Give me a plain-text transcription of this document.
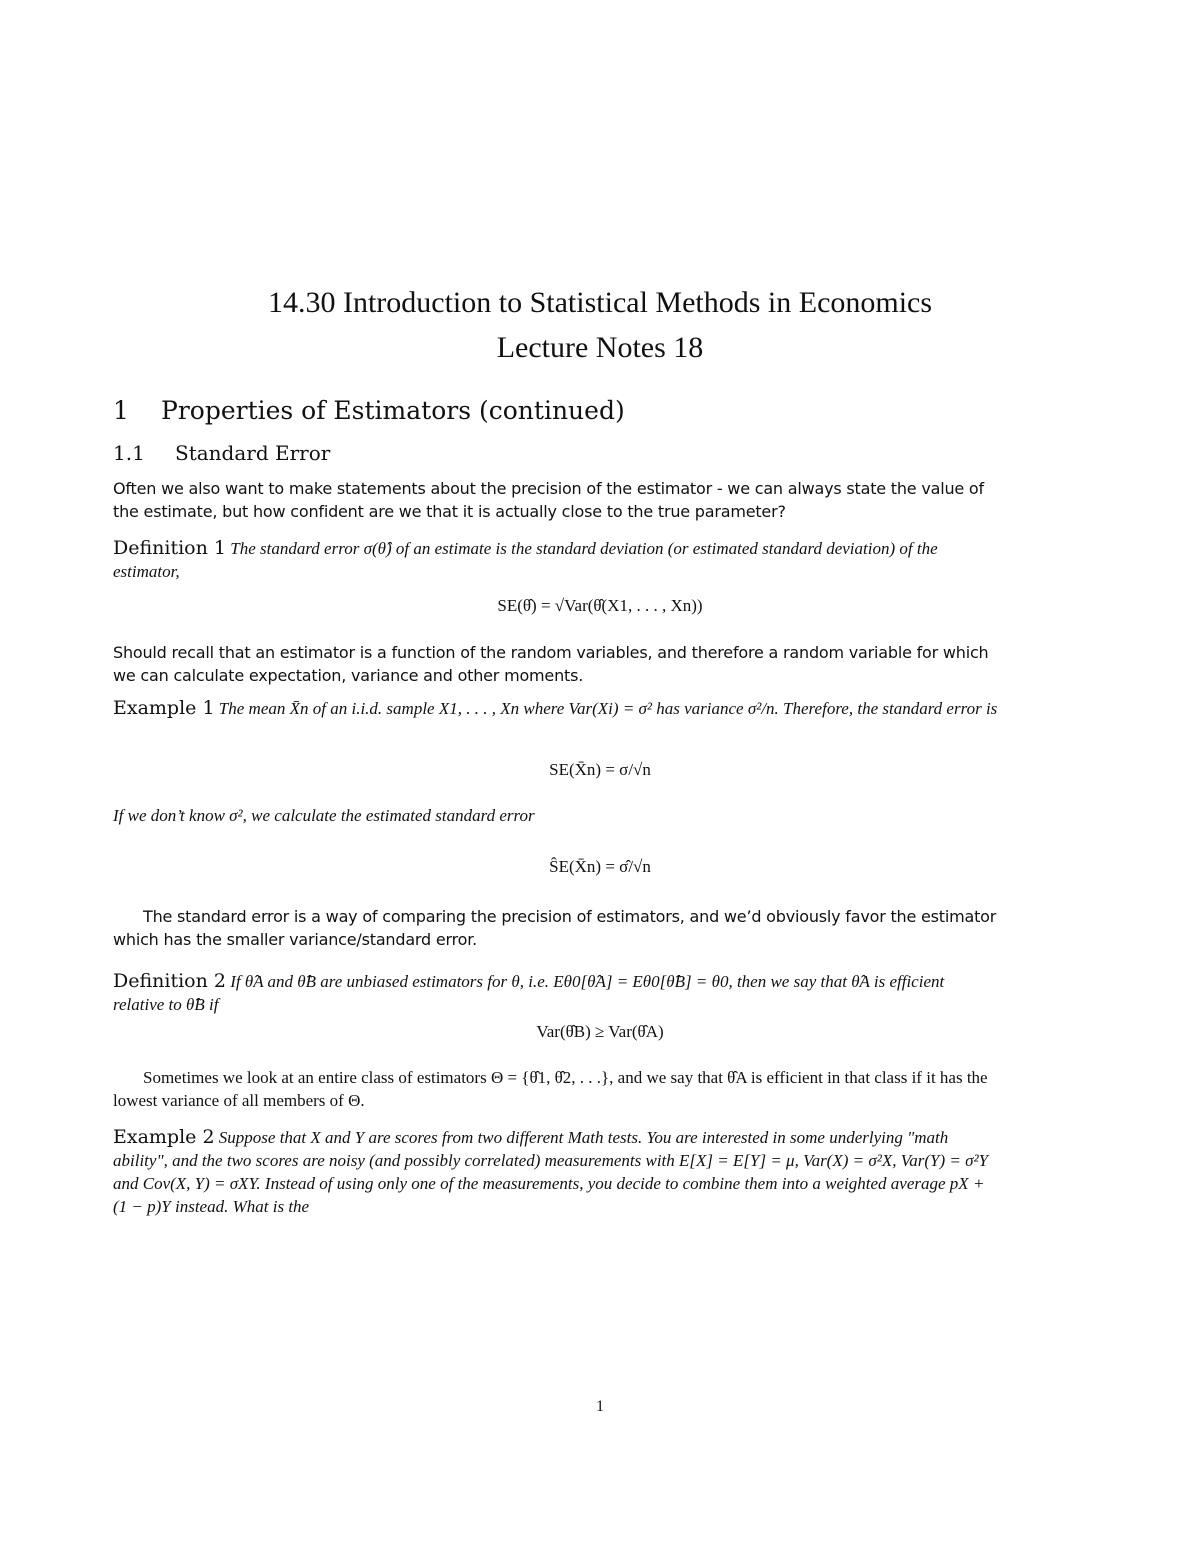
14.30 Introduction to Statistical Methods in Economics
Lecture Notes 18
1 Properties of Estimators (continued)
1.1 Standard Error
Often we also want to make statements about the precision of the estimator - we can always state the value of the estimate, but how confident are we that it is actually close to the true parameter?
Definition 1 The standard error σ(θ̂) of an estimate is the standard deviation (or estimated standard deviation) of the estimator,
SE(θ̂) = √Var(θ̂(X1, . . . , Xn))
Should recall that an estimator is a function of the random variables, and therefore a random variable for which we can calculate expectation, variance and other moments.
Example 1 The mean X̄n of an i.i.d. sample X1, . . . , Xn where Var(Xi) = σ² has variance σ²/n. Therefore, the standard error is
SE(X̄n) = σ/√n
If we don’t know σ², we calculate the estimated standard error
ŜE(X̄n) = σ̂/√n
The standard error is a way of comparing the precision of estimators, and we’d obviously favor the estimator which has the smaller variance/standard error.
Definition 2 If θ̂A and θ̂B are unbiased estimators for θ, i.e. Eθ0[θ̂A] = Eθ0[θ̂B] = θ0, then we say that θ̂A is efficient relative to θ̂B if
Var(θ̂B) ≥ Var(θ̂A)
Sometimes we look at an entire class of estimators Θ = {θ̂1, θ̂2, . . .}, and we say that θ̂A is efficient in that class if it has the lowest variance of all members of Θ.
Example 2 Suppose that X and Y are scores from two different Math tests. You are interested in some underlying "math ability", and the two scores are noisy (and possibly correlated) measurements with E[X] = E[Y] = μ, Var(X) = σ²X, Var(Y) = σ²Y and Cov(X, Y) = σXY. Instead of using only one of the measurements, you decide to combine them into a weighted average pX + (1 − p)Y instead. What is the
1
